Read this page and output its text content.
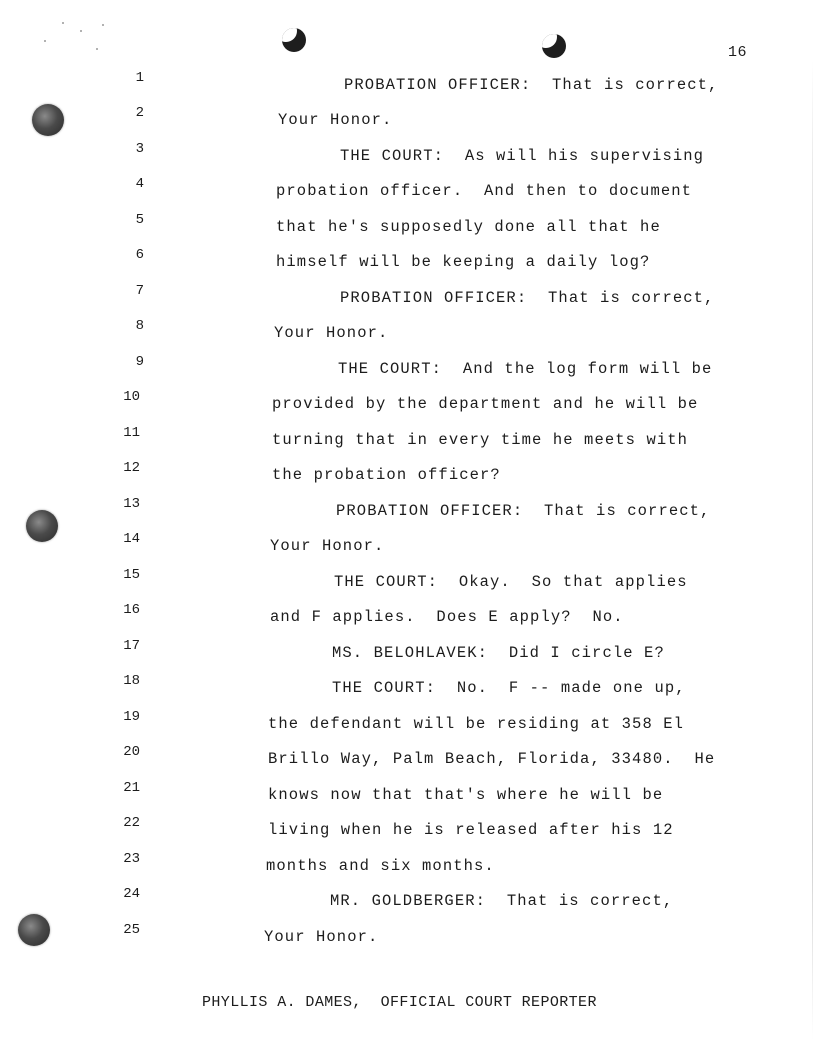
16
1	PROBATION OFFICER:  That is correct,
2	Your Honor.
3	THE COURT:  As will his supervising
4	probation officer.  And then to document
5	that he's supposedly done all that he
6	himself will be keeping a daily log?
7	PROBATION OFFICER:  That is correct,
8	Your Honor.
9	THE COURT:  And the log form will be
10	provided by the department and he will be
11	turning that in every time he meets with
12	the probation officer?
13	PROBATION OFFICER:  That is correct,
14	Your Honor.
15	THE COURT:  Okay.  So that applies
16	and F applies.  Does E apply?  No.
17	MS. BELOHLAVEK:  Did I circle E?
18	THE COURT:  No.  F -- made one up,
19	the defendant will be residing at 358 El
20	Brillo Way, Palm Beach, Florida, 33480.  He
21	knows now that that's where he will be
22	living when he is released after his 12
23	months and six months.
24	MR. GOLDBERGER:  That is correct,
25	Your Honor.
PHYLLIS A. DAMES,  OFFICIAL COURT REPORTER
